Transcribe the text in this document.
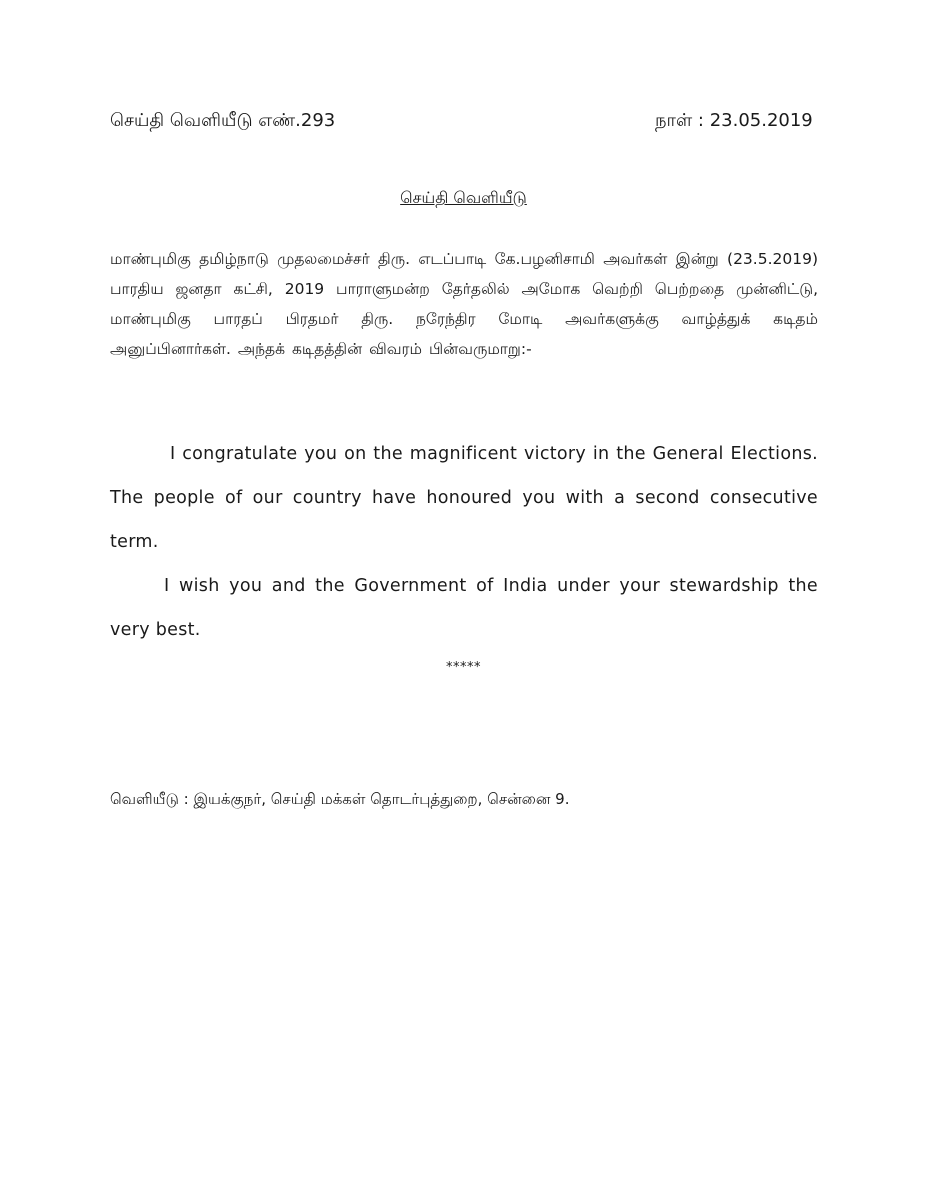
செய்தி வெளியீடு எண்.293	நாள் : 23.05.2019
செய்தி வெளியீடு
மாண்புமிகு தமிழ்நாடு முதலமைச்சர் திரு. எடப்பாடி கே.பழனிசாமி அவர்கள் இன்று (23.5.2019) பாரதிய ஜனதா கட்சி, 2019 பாராளுமன்ற தேர்தலில் அமோக வெற்றி பெற்றதை முன்னிட்டு, மாண்புமிகு பாரதப் பிரதமர் திரு. நரேந்திர மோடி அவர்களுக்கு வாழ்த்துக் கடிதம் அனுப்பினார்கள். அந்தக் கடிதத்தின் விவரம் பின்வருமாறு:-
I congratulate you on the magnificent victory in the General Elections. The people of our country have honoured you with a second consecutive term.
I wish you and the Government of India under your stewardship the very best.
*****
வெளியீடு : இயக்குநர், செய்தி மக்கள் தொடர்புத்துறை, சென்னை 9.
